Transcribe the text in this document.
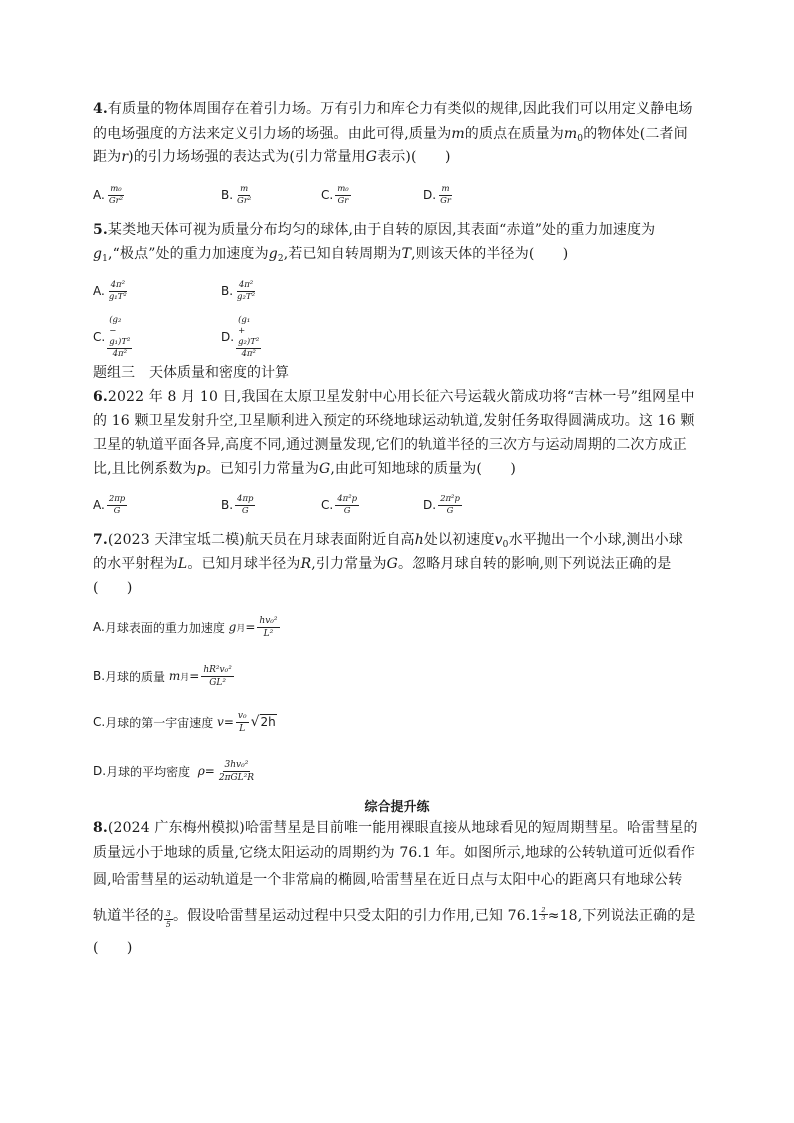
4.有质量的物体周围存在着引力场。万有引力和库仑力有类似的规律,因此我们可以用定义静电场
的电场强度的方法来定义引力场的场强。由此可得,质量为m的质点在质量为$m_0$的物体处(二者间
距为r)的引力场场强的表达式为(引力常量用G表示)(　　)
A. $\frac{\text{m₀}}{\text{Gr²}}$	B. $\frac{m}{\text{Gr²}}$	C. $\frac{\text{m₀}}{Gr}$	D. $\frac{m}{Gr}$
5.某类地天体可视为质量分布均匀的球体,由于自转的原因,其表面“赤道”处的重力加速度为
$g_1,“$极点”处的重力加速度为$g_2$,若已知自转周期为T,则该天体的半径为(　　)
A. $\frac{\text{4π²}}{\text{g₁T²}}$	B. $\frac{\text{4π²}}{\text{g₂T²}}$
C. $\frac{\text{(g₂ − g₁)T²}}{\text{4π²}}$	D. $\frac{\text{(g₁ + g₂)T²}}{\text{4π²}}$
题组三　天体质量和密度的计算
6.2022 年 8 月 10 日,我国在太原卫星发射中心用长征六号运载火箭成功将“吉林一号”组网星中
的 16 颗卫星发射升空,卫星顺利进入预定的环绕地球运动轨道,发射任务取得圆满成功。这 16 颗
卫星的轨道平面各异,高度不同,通过测量发现,它们的轨道半径的三次方与运动周期的二次方成正
比,且比例系数为p。已知引力常量为G,由此可知地球的质量为(　　)
A. $\frac{2\pi p}{G}$	B. $\frac{4\pi p}{G}$	C. $\frac{\text{4π²p}}{G}$	D. $\frac{\text{2π²p}}{G}$
7.(2023 天津宝坻二模)航天员在月球表面附近自高h处以初速度$v_0$水平抛出一个小球,测出小球
的水平射程为L。已知月球半径为R,引力常量为G。忽略月球自转的影响,则下列说法正确的是
(　　)
A. 月球表面的重力加速度
g 月 = $\frac{\text{hv₀²}}{\text{L²}}$
B. 月球的质量
m 月 = $\frac{\text{hR²v₀²}}{\text{GL²}}$
C. 月球的第一宇宙速度
$v = \frac{\text{v₀}}{L} √2h$
D. 月球的平均密度
$\rho = \frac{\text{3hv₀²}}{\text{2πGL²R}}$
综合提升练
8.(2024 广东梅州模拟)哈雷彗星是目前唯一能用裸眼直接从地球看见的短周期彗星。哈雷彗星的
质量远小于地球的质量,它绕太阳运动的周期约为 76.1 年。如图所示,地球的公转轨道可近似看作
圆,哈雷彗星的运动轨道是一个非常扁的椭圆,哈雷彗星在近日点与太阳中心的距离只有地球公转
轨道半径的 $\frac{3}{5}$ 。假设哈雷彗星运动过程中只受太阳的引力作用,已知 $76.1 \frac{2}{3} \approx 18$,下列说法正确的是
(　　)
